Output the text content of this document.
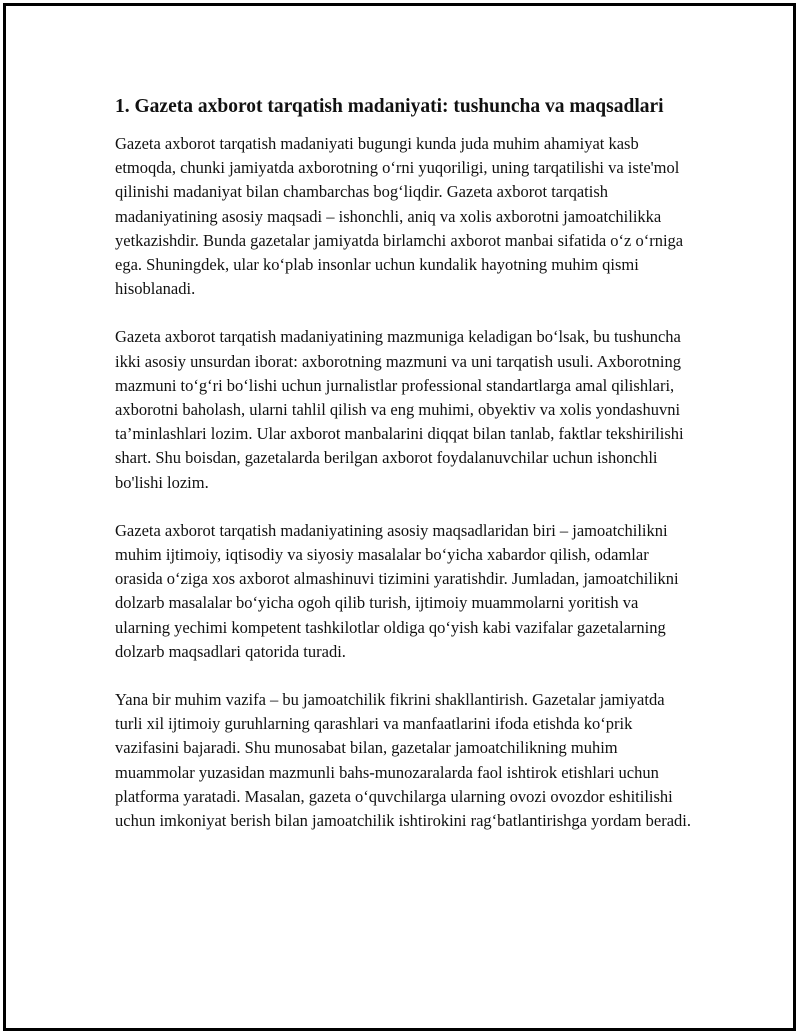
1. Gazeta axborot tarqatish madaniyati: tushuncha va maqsadlari

Gazeta axborot tarqatish madaniyati bugungi kunda juda muhim ahamiyat kasb etmoqda, chunki jamiyatda axborotning o‘rni yuqoriligi, uning tarqatilishi va iste'mol qilinishi madaniyat bilan chambarchas bog‘liqdir. Gazeta axborot tarqatish madaniyatining asosiy maqsadi – ishonchli, aniq va xolis axborotni jamoatchilikka yetkazishdir. Bunda gazetalar jamiyatda birlamchi axborot manbai sifatida o‘z o‘rniga ega. Shuningdek, ular ko‘plab insonlar uchun kundalik hayotning muhim qismi hisoblanadi.

Gazeta axborot tarqatish madaniyatining mazmuniga keladigan bo‘lsak, bu tushuncha ikki asosiy unsurdan iborat: axborotning mazmuni va uni tarqatish usuli. Axborotning mazmuni to‘g‘ri bo‘lishi uchun jurnalistlar professional standartlarga amal qilishlari, axborotni baholash, ularni tahlil qilish va eng muhimi, obyektiv va xolis yondashuvni ta’minlashlari lozim. Ular axborot manbalarini diqqat bilan tanlab, faktlar tekshirilishi shart. Shu boisdan, gazetalarda berilgan axborot foydalanuvchilar uchun ishonchli bo'lishi lozim.

Gazeta axborot tarqatish madaniyatining asosiy maqsadlaridan biri – jamoatchilikni muhim ijtimoiy, iqtisodiy va siyosiy masalalar bo‘yicha xabardor qilish, odamlar orasida o‘ziga xos axborot almashinuvi tizimini yaratishdir. Jumladan, jamoatchilikni dolzarb masalalar bo‘yicha ogoh qilib turish, ijtimoiy muammolarni yoritish va ularning yechimi kompetent tashkilotlar oldiga qo‘yish kabi vazifalar gazetalarning dolzarb maqsadlari qatorida turadi.

Yana bir muhim vazifa – bu jamoatchilik fikrini shakllantirish. Gazetalar jamiyatda turli xil ijtimoiy guruhlarning qarashlari va manfaatlarini ifoda etishda ko‘prik vazifasini bajaradi. Shu munosabat bilan, gazetalar jamoatchilikning muhim muammolar yuzasidan mazmunli bahs-munozaralarda faol ishtirok etishlari uchun platforma yaratadi. Masalan, gazeta o‘quvchilarga ularning ovozi ovozdor eshitilishi uchun imkoniyat berish bilan jamoatchilik ishtirokini rag‘batlantirishga yordam beradi.
